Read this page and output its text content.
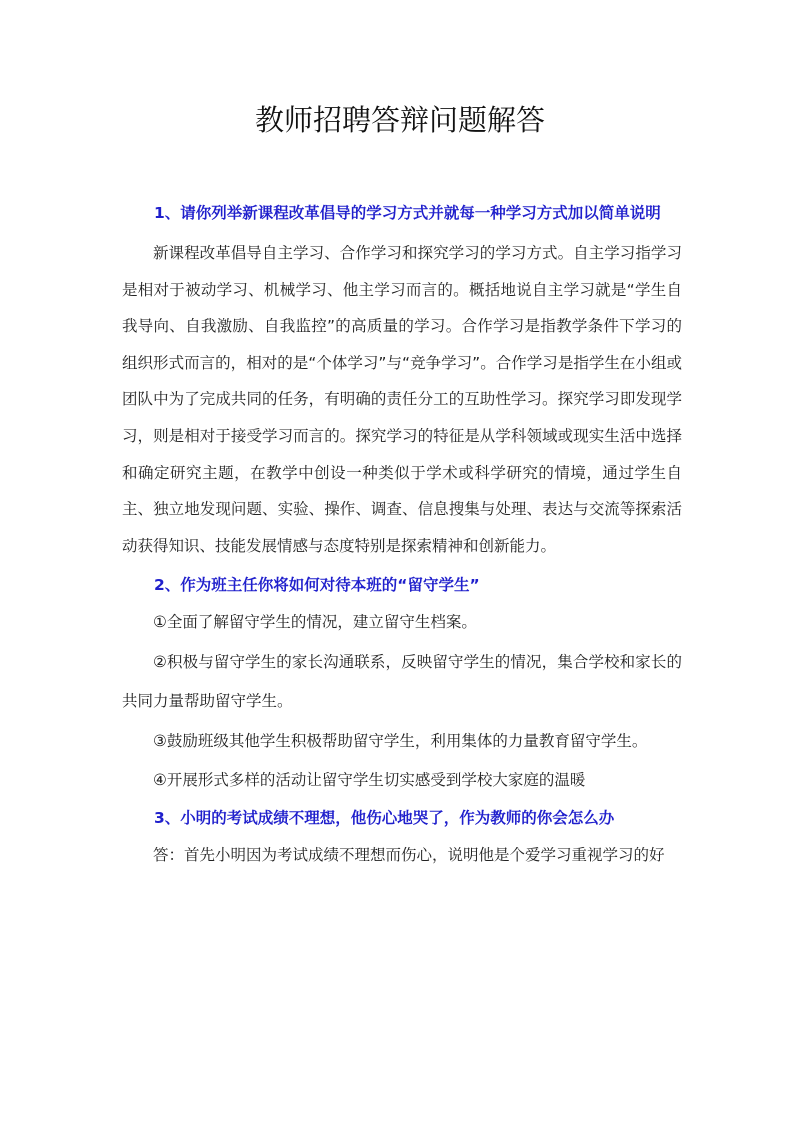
教师招聘答辩问题解答

1、请你列举新课程改革倡导的学习方式并就每一种学习方式加以简单说明

新课程改革倡导自主学习、合作学习和探究学习的学习方式。自主学习指学习是相对于被动学习、机械学习、他主学习而言的。概括地说自主学习就是“学生自我导向、自我激励、自我监控”的高质量的学习。合作学习是指教学条件下学习的组织形式而言的，相对的是“个体学习”与“竞争学习”。合作学习是指学生在小组或团队中为了完成共同的任务，有明确的责任分工的互助性学习。探究学习即发现学习，则是相对于接受学习而言的。探究学习的特征是从学科领域或现实生活中选择和确定研究主题，在教学中创设一种类似于学术或科学研究的情境，通过学生自主、独立地发现问题、实验、操作、调查、信息搜集与处理、表达与交流等探索活动获得知识、技能发展情感与态度特别是探索精神和创新能力。

2、作为班主任你将如何对待本班的“留守学生”

①全面了解留守学生的情况，建立留守生档案。

②积极与留守学生的家长沟通联系，反映留守学生的情况，集合学校和家长的共同力量帮助留守学生。

③鼓励班级其他学生积极帮助留守学生，利用集体的力量教育留守学生。

④开展形式多样的活动让留守学生切实感受到学校大家庭的温暖

3、小明的考试成绩不理想，他伤心地哭了，作为教师的你会怎么办

答：首先小明因为考试成绩不理想而伤心，说明他是个爱学习重视学习的好
